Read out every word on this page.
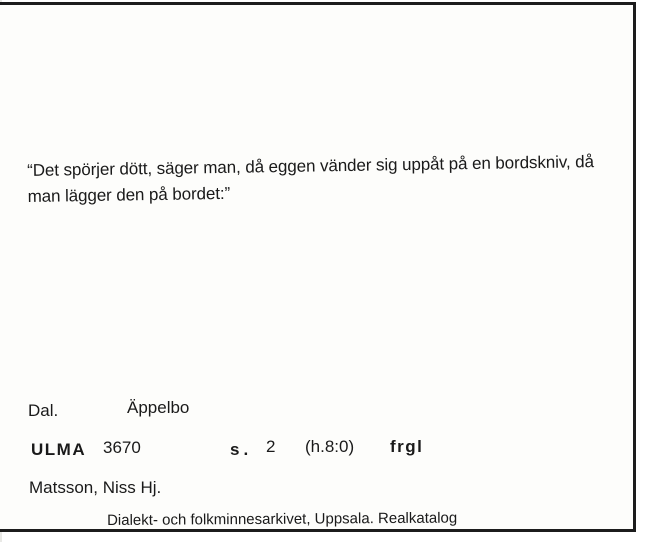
“Det spörjer dött, säger man, då eggen vänder sig uppåt på en bordskniv, då man lägger den på bordet:”

Dal.	Äppelbo
ULMA 3670	s. 2 (h.8:0) frgl
Matsson, Niss Hj.
Dialekt- och folkminnesarkivet, Uppsala. Realkatalog
